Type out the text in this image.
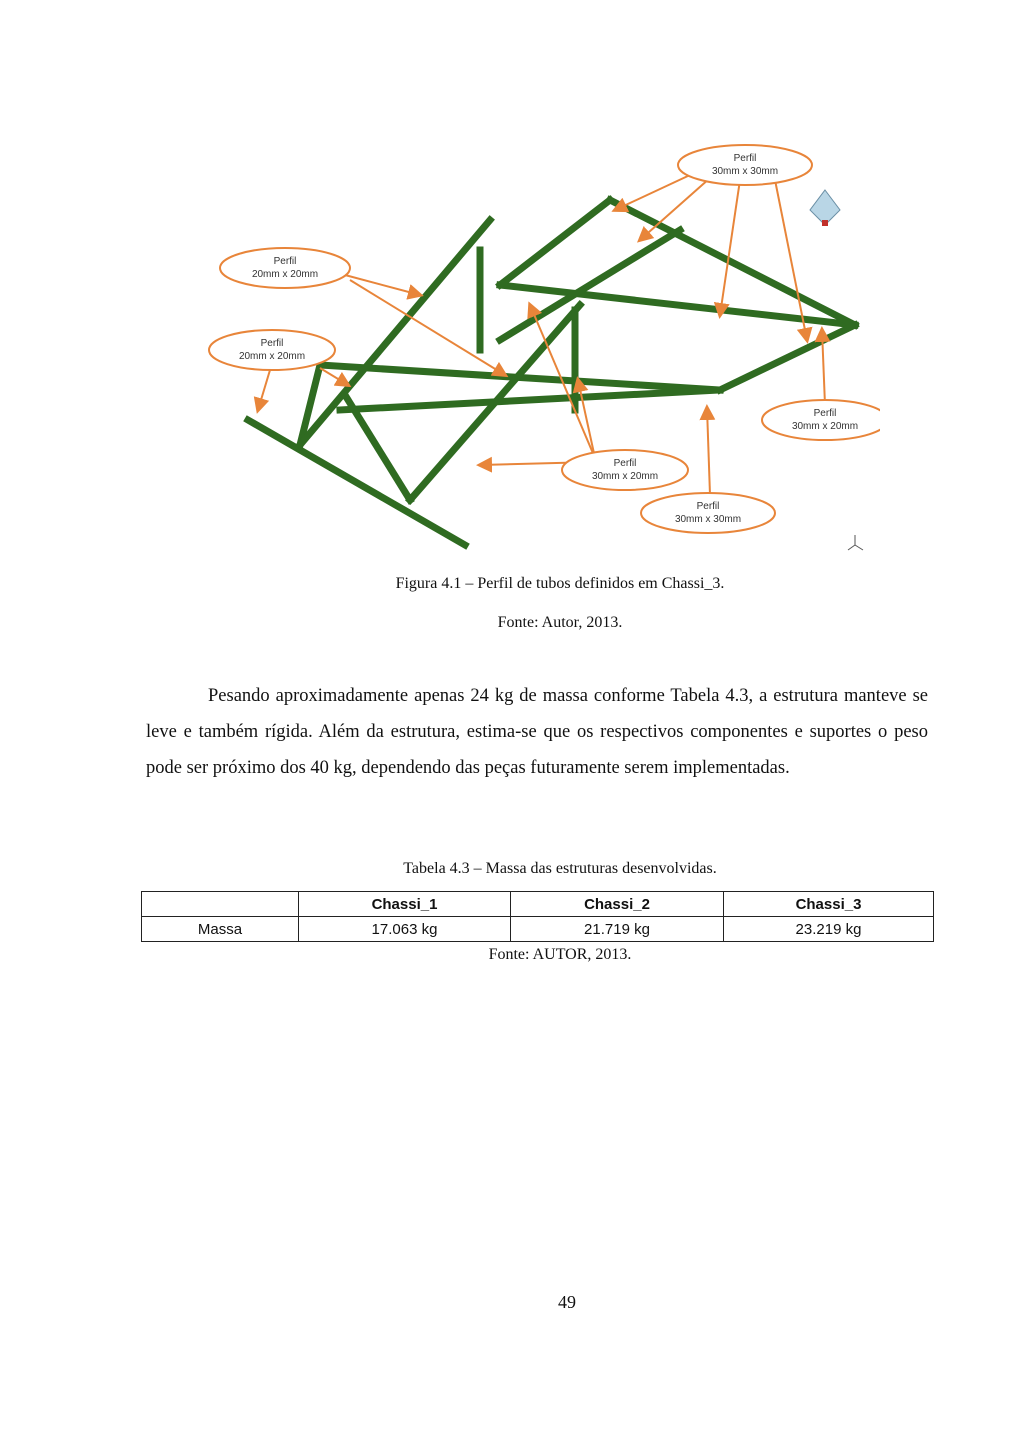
Perfil
30mm x 30mm
Perfil
20mm x 20mm
Perfil
20mm x 20mm
Perfil
30mm x 20mm
Perfil
30mm x 20mm
Perfil
30mm x 30mm
Figura 4.1 – Perfil de tubos definidos em Chassi_3.
Fonte: Autor, 2013.

Pesando aproximadamente apenas 24 kg de massa conforme Tabela 4.3, a estrutura manteve se leve e também rígida. Além da estrutura, estima-se que os respectivos componentes e suportes o peso pode ser próximo dos 40 kg, dependendo das peças futuramente serem implementadas.

Tabela 4.3 – Massa das estruturas desenvolvidas.
	Chassi_1	Chassi_2	Chassi_3
Massa	17.063 kg	21.719 kg	23.219 kg
Fonte: AUTOR, 2013.
49
